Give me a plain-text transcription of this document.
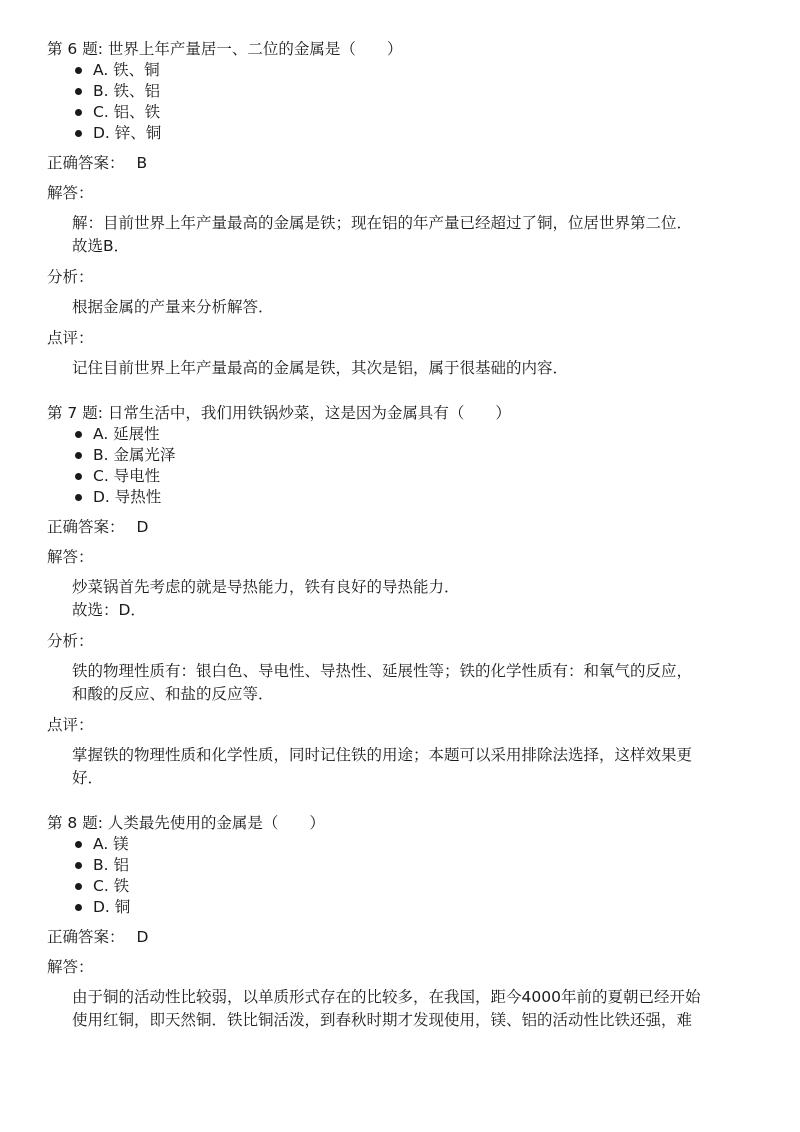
第 6 题: 世界上年产量居一、二位的金属是（　　）
A. 铁、铜
B. 铁、铝
C. 铝、铁
D. 锌、铜
正确答案： B
解答：

解：目前世界上年产量最高的金属是铁；现在铝的年产量已经超过了铜，位居世界第二位．

故选B．

分析：

根据金属的产量来分析解答．

点评：

记住目前世界上年产量最高的金属是铁，其次是铝，属于很基础的内容．

第 7 题: 日常生活中，我们用铁锅炒菜，这是因为金属具有（　　）
A. 延展性
B. 金属光泽
C. 导电性
D. 导热性
正确答案： D
解答：

炒菜锅首先考虑的就是导热能力，铁有良好的导热能力．

故选：D．

分析：

铁的物理性质有：银白色、导电性、导热性、延展性等；铁的化学性质有：和氧气的反应，

和酸的反应、和盐的反应等．

点评：

掌握铁的物理性质和化学性质，同时记住铁的用途；本题可以采用排除法选择，这样效果更

好．

第 8 题: 人类最先使用的金属是（　　）
A. 镁
B. 铝
C. 铁
D. 铜
正确答案： D
解答：

由于铜的活动性比较弱，以单质形式存在的比较多，在我国，距今4000年前的夏朝已经开始

使用红铜，即天然铜．铁比铜活泼，到春秋时期才发现使用，镁、铝的活动性比铁还强，难
